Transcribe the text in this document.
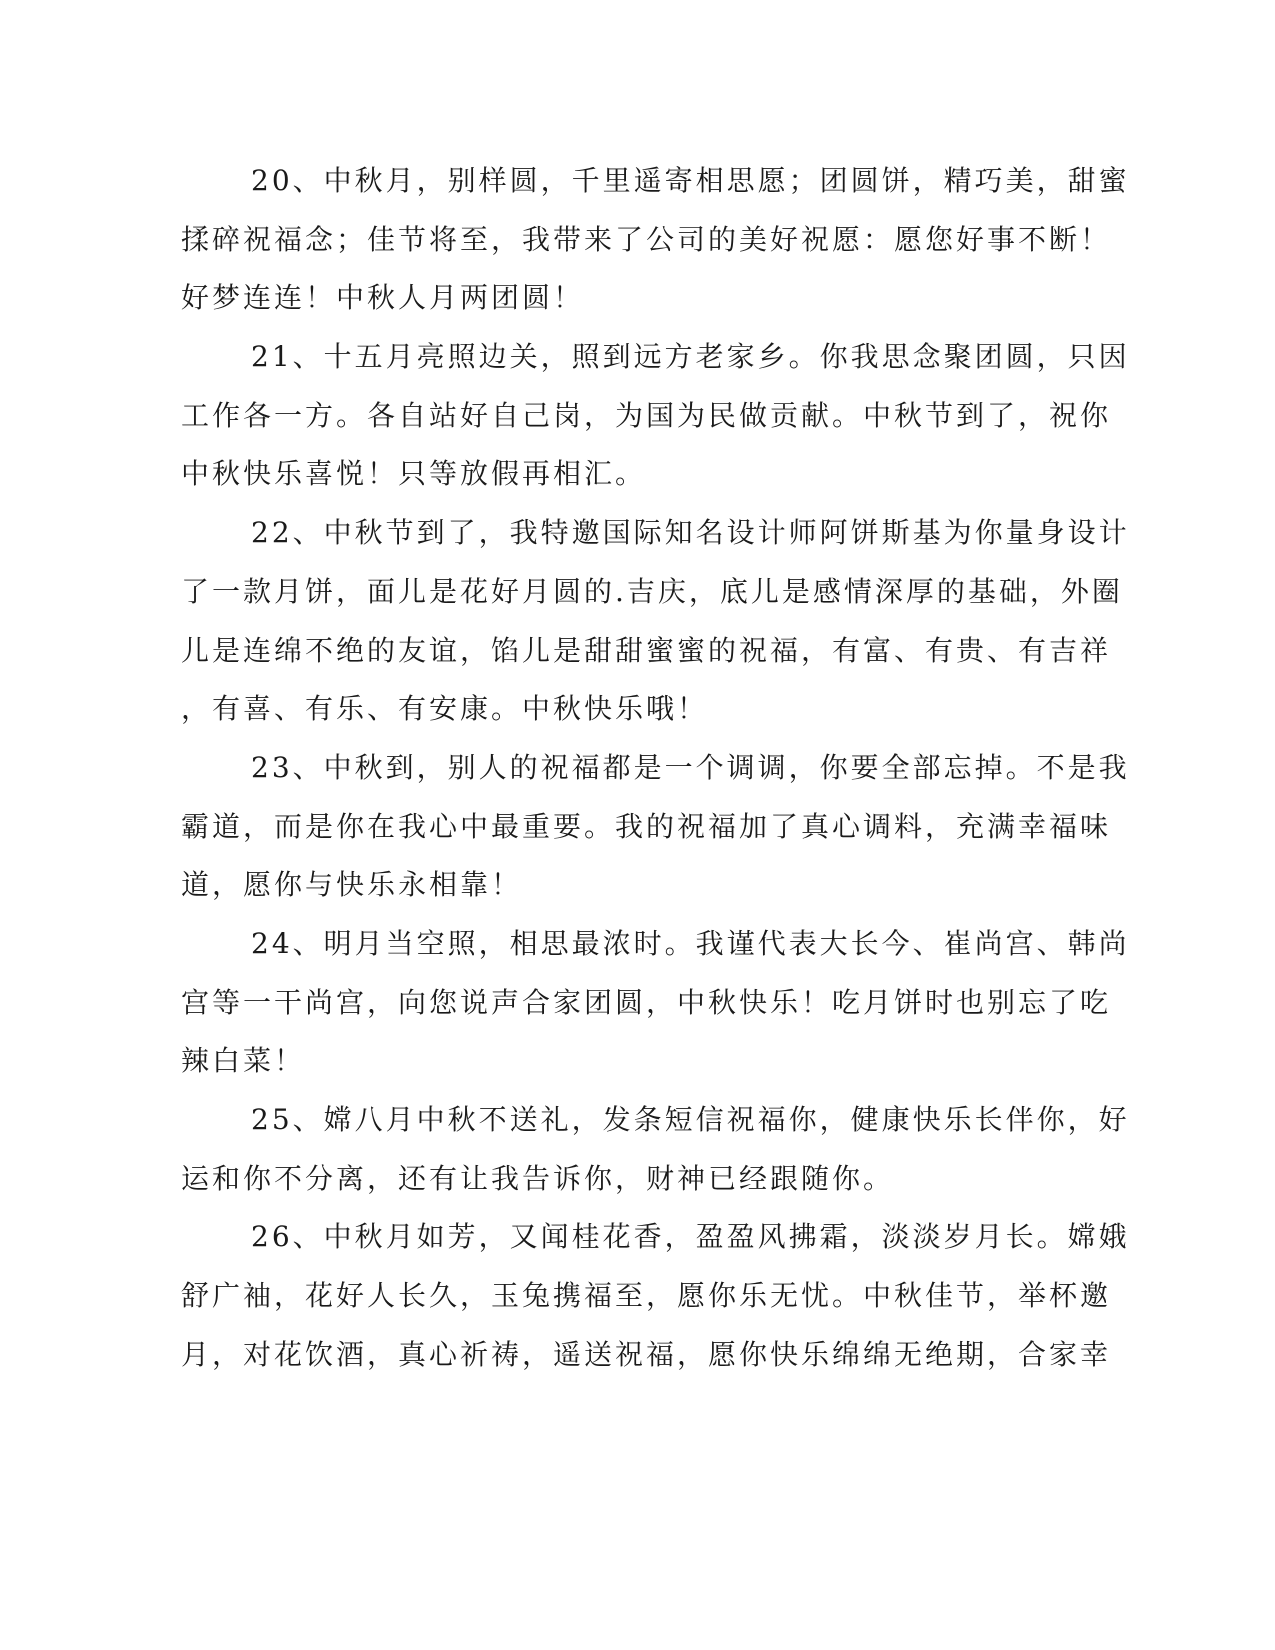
20、中秋月，别样圆，千里遥寄相思愿；团圆饼，精巧美，甜蜜
揉碎祝福念；佳节将至，我带来了公司的美好祝愿：愿您好事不断！
好梦连连！中秋人月两团圆！
21、十五月亮照边关，照到远方老家乡。你我思念聚团圆，只因
工作各一方。各自站好自己岗，为国为民做贡献。中秋节到了，祝你
中秋快乐喜悦！只等放假再相汇。
22、中秋节到了，我特邀国际知名设计师阿饼斯基为你量身设计
了一款月饼，面儿是花好月圆的.吉庆，底儿是感情深厚的基础，外圈
儿是连绵不绝的友谊，馅儿是甜甜蜜蜜的祝福，有富、有贵、有吉祥
，有喜、有乐、有安康。中秋快乐哦！
23、中秋到，别人的祝福都是一个调调，你要全部忘掉。不是我
霸道，而是你在我心中最重要。我的祝福加了真心调料，充满幸福味
道，愿你与快乐永相靠！
24、明月当空照，相思最浓时。我谨代表大长今、崔尚宫、韩尚
宫等一干尚宫，向您说声合家团圆，中秋快乐！吃月饼时也别忘了吃
辣白菜！
25、嫦八月中秋不送礼，发条短信祝福你，健康快乐长伴你，好
运和你不分离，还有让我告诉你，财神已经跟随你。
26、中秋月如芳，又闻桂花香，盈盈风拂霜，淡淡岁月长。嫦娥
舒广袖，花好人长久，玉兔携福至，愿你乐无忧。中秋佳节，举杯邀
月，对花饮酒，真心祈祷，遥送祝福，愿你快乐绵绵无绝期，合家幸
